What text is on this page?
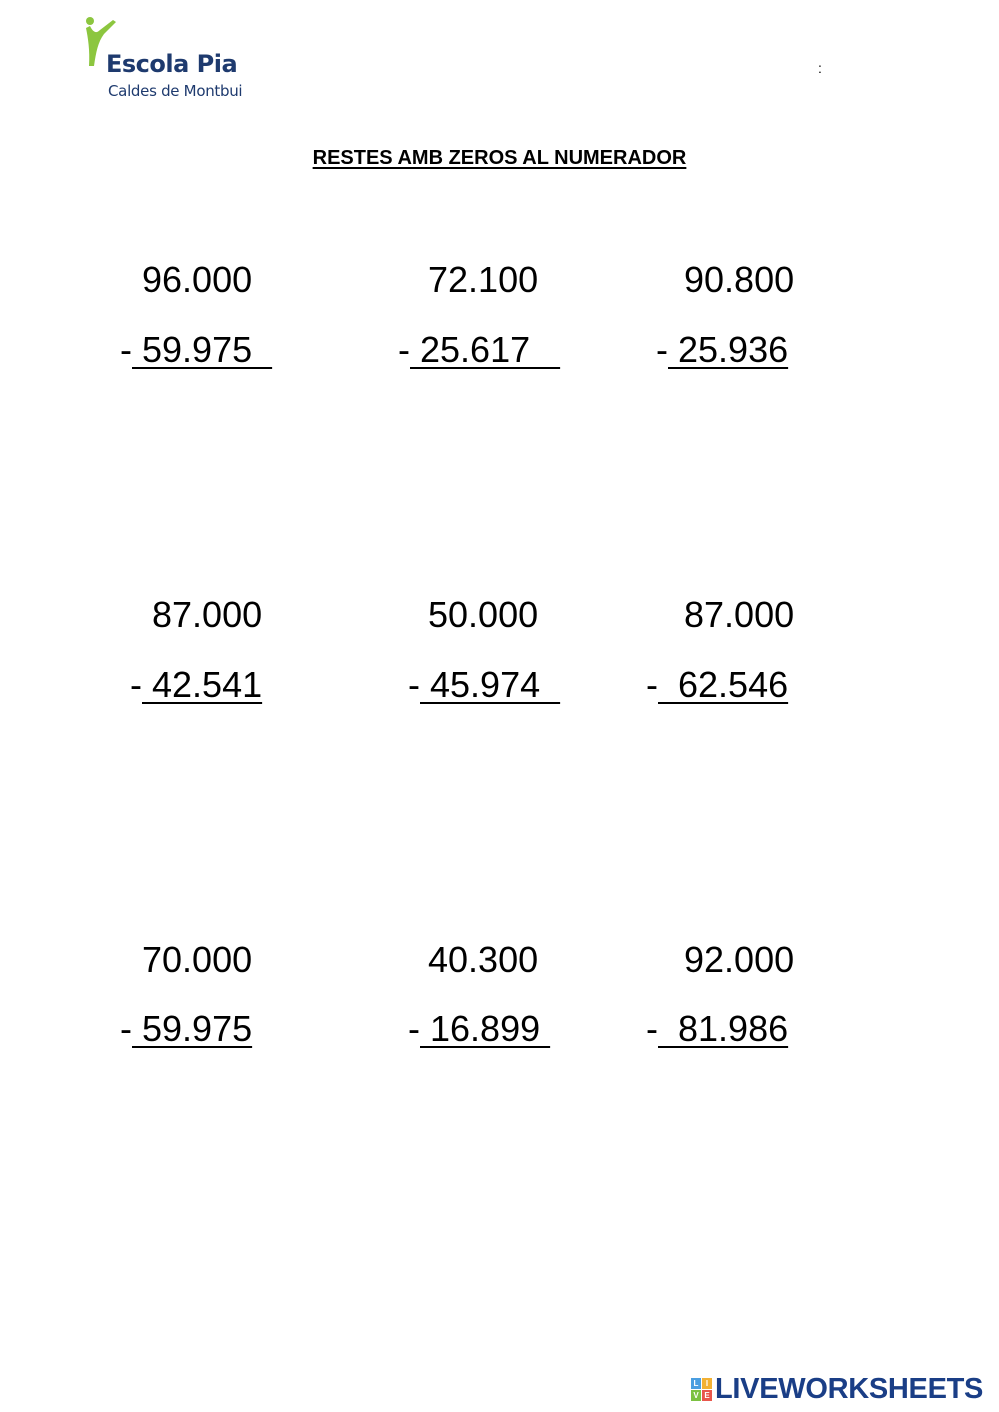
Escola Pia
Caldes de Montbui
:
RESTES AMB ZEROS AL NUMERADOR
96.000
- 59.975
72.100
- 25.617
90.800
- 25.936
87.000
- 42.541
50.000
- 45.974
87.000
-  62.546
70.000
- 59.975
40.300
- 16.899
92.000
-  81.986
L I
V E LIVEWORKSHEETS
